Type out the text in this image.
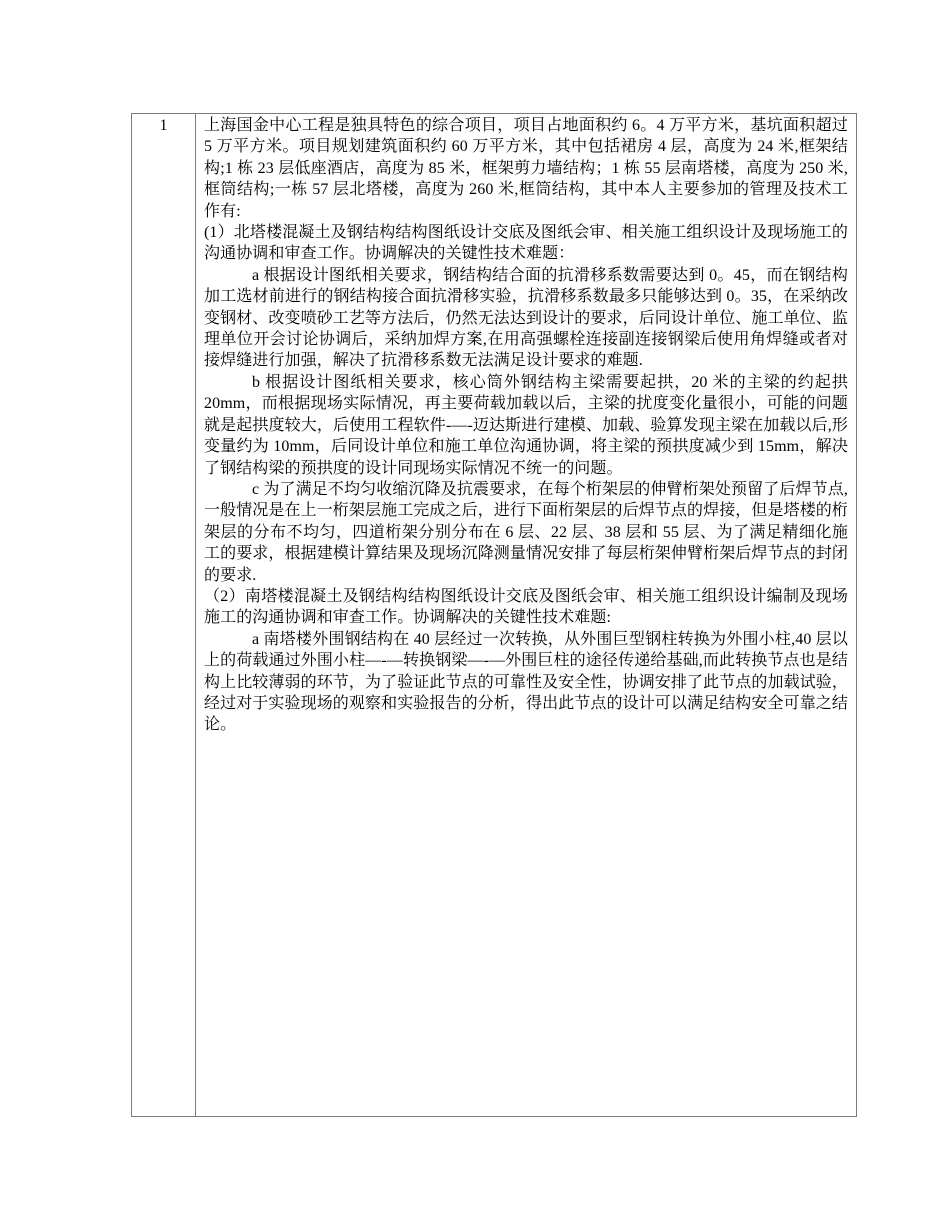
1	上海国金中心工程是独具特色的综合项目，项目占地面积约 6。4 万平方米，基坑面积超过 5 万平方米。项目规划建筑面积约 60 万平方米，其中包括裙房 4 层，高度为 24 米,框架结构;1 栋 23 层低座酒店，高度为 85 米，框架剪力墙结构；1 栋 55 层南塔楼，高度为 250 米,框筒结构;一栋 57 层北塔楼，高度为 260 米,框筒结构，其中本人主要参加的管理及技术工作有:

(1）北塔楼混凝土及钢结构结构图纸设计交底及图纸会审、相关施工组织设计及现场施工的沟通协调和审查工作。协调解决的关键性技术难题：

a 根据设计图纸相关要求，钢结构结合面的抗滑移系数需要达到 0。45，而在钢结构加工选材前进行的钢结构接合面抗滑移实验，抗滑移系数最多只能够达到 0。35，在采纳改变钢材、改变喷砂工艺等方法后，仍然无法达到设计的要求，后同设计单位、施工单位、监理单位开会讨论协调后，采纳加焊方案,在用高强螺栓连接副连接钢梁后使用角焊缝或者对接焊缝进行加强，解决了抗滑移系数无法满足设计要求的难题.

b 根据设计图纸相关要求，核心筒外钢结构主梁需要起拱，20 米的主梁的约起拱 20mm，而根据现场实际情况，再主要荷载加载以后，主梁的扰度变化量很小，可能的问题就是起拱度较大，后使用工程软件-—-迈达斯进行建模、加载、验算发现主梁在加载以后,形变量约为 10mm，后同设计单位和施工单位沟通协调，将主梁的预拱度减少到 15mm，解决了钢结构梁的预拱度的设计同现场实际情况不统一的问题。

c 为了满足不均匀收缩沉降及抗震要求，在每个桁架层的伸臂桁架处预留了后焊节点,一般情况是在上一桁架层施工完成之后，进行下面桁架层的后焊节点的焊接，但是塔楼的桁架层的分布不均匀，四道桁架分别分布在 6 层、22 层、38 层和 55 层、为了满足精细化施工的要求，根据建模计算结果及现场沉降测量情况安排了每层桁架伸臂桁架后焊节点的封闭的要求.

（2）南塔楼混凝土及钢结构结构图纸设计交底及图纸会审、相关施工组织设计编制及现场施工的沟通协调和审查工作。协调解决的关键性技术难题:

a 南塔楼外围钢结构在 40 层经过一次转换，从外围巨型钢柱转换为外围小柱,40 层以上的荷载通过外围小柱—-—转换钢梁—-—外围巨柱的途径传递给基础,而此转换节点也是结构上比较薄弱的环节，为了验证此节点的可靠性及安全性，协调安排了此节点的加载试验，经过对于实验现场的观察和实验报告的分析，得出此节点的设计可以满足结构安全可靠之结论。
